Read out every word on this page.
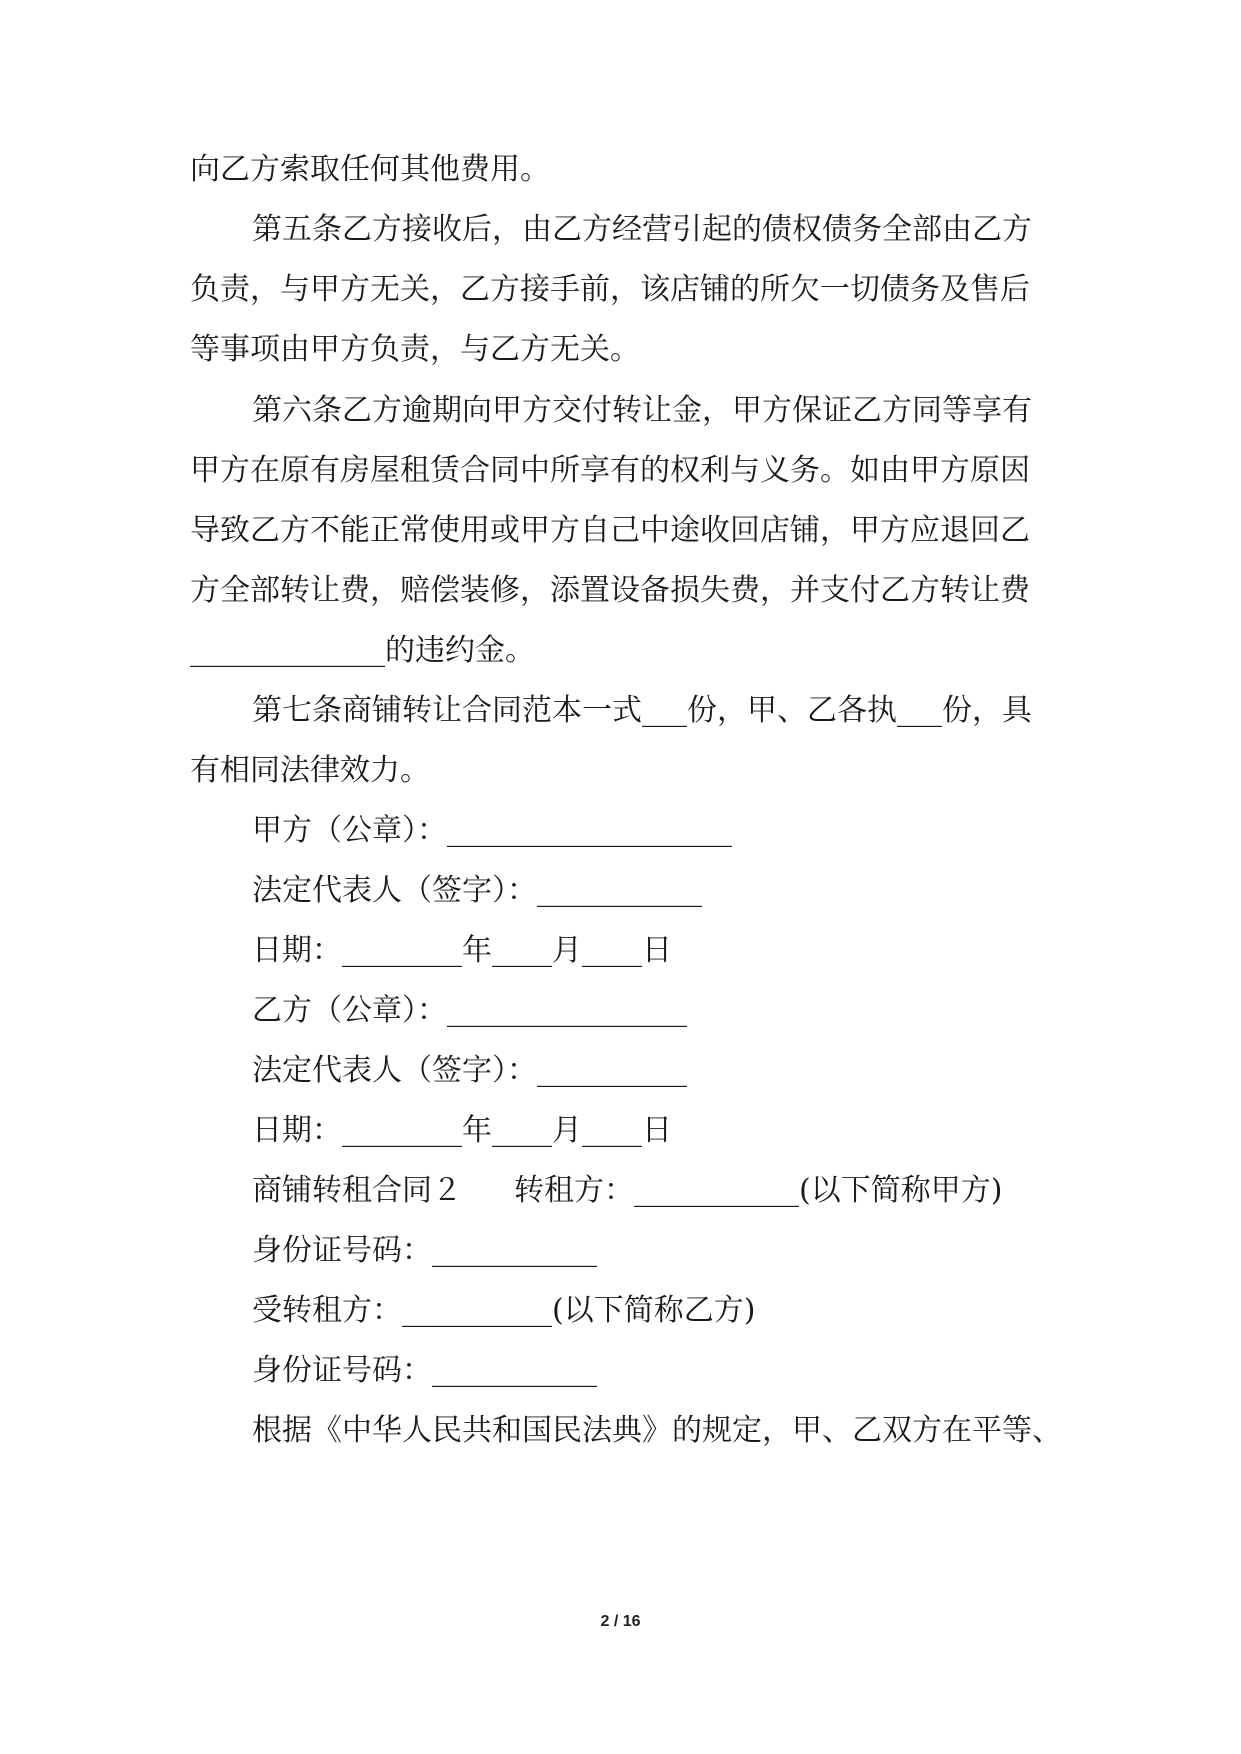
向乙方索取任何其他费用。
第五条乙方接收后，由乙方经营引起的债权债务全部由乙方
负责，与甲方无关，乙方接手前，该店铺的所欠一切债务及售后
等事项由甲方负责，与乙方无关。
第六条乙方逾期向甲方交付转让金，甲方保证乙方同等享有
甲方在原有房屋租赁合同中所享有的权利与义务。如由甲方原因
导致乙方不能正常使用或甲方自己中途收回店铺，甲方应退回乙
方全部转让费，赔偿装修，添置设备损失费，并支付乙方转让费
_____________的违约金。
第七条商铺转让合同范本一式___份，甲、乙各执___份，具
有相同法律效力。
甲方（公章）：___________________
法定代表人（签字）：___________
日期：________年____月____日
乙方（公章）：________________
法定代表人（签字）：__________
日期：________年____月____日
商铺转租合同２ 转租方：___________(以下简称甲方)
身份证号码：___________
受转租方：__________(以下简称乙方)
身份证号码：___________
根据《中华人民共和国民法典》的规定，甲、乙双方在平等、
2 / 16
